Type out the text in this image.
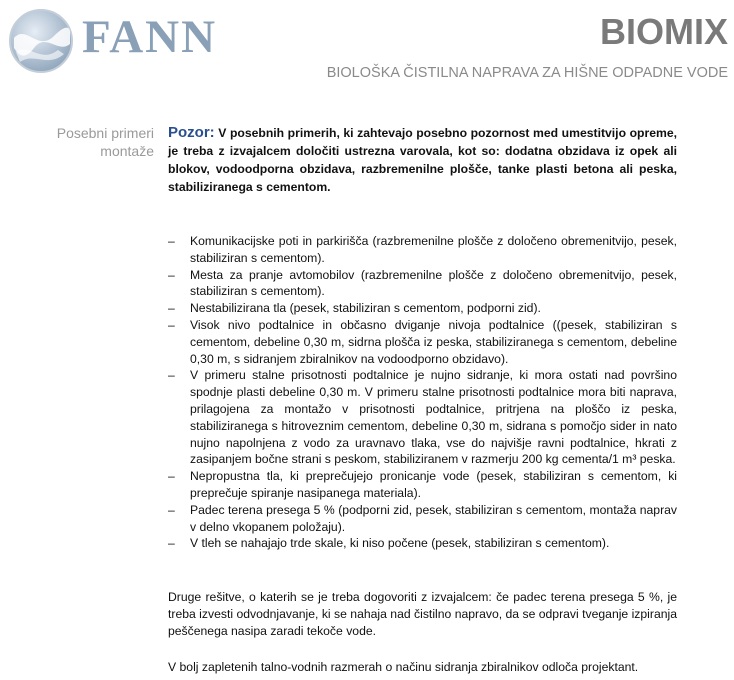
FANN	BIOMIX
BIOLOŠKA ČISTILNA NAPRAVA ZA HIŠNE ODPADNE VODE
Posebni primeri montaže
Pozor: V posebnih primerih, ki zahtevajo posebno pozornost med umestitvijo opreme, je treba z izvajalcem določiti ustrezna varovala, kot so: dodatna obzidava iz opek ali blokov, vodoodporna obzidava, razbremenilne plošče, tanke plasti betona ali peska, stabiliziranega s cementom.
– Komunikacijske poti in parkirišča (razbremenilne plošče z določeno obremenitvijo, pesek, stabiliziran s cementom).
– Mesta za pranje avtomobilov (razbremenilne plošče z določeno obremenitvijo, pesek, stabiliziran s cementom).
– Nestabilizirana tla (pesek, stabiliziran s cementom, podporni zid).
– Visok nivo podtalnice in občasno dviganje nivoja podtalnice ((pesek, stabiliziran s cementom, debeline 0,30 m, sidrna plošča iz peska, stabiliziranega s cementom, debeline 0,30 m, s sidranjem zbiralnikov na vodoodporno obzidavo).
– V primeru stalne prisotnosti podtalnice je nujno sidranje, ki mora ostati nad površino spodnje plasti debeline 0,30 m. V primeru stalne prisotnosti podtalnice mora biti naprava, prilagojena za montažo v prisotnosti podtalnice, pritrjena na ploščo iz peska, stabiliziranega s hitroveznim cementom, debeline 0,30 m, sidrana s pomočjo sider in nato nujno napolnjena z vodo za uravnavo tlaka, vse do najvišje ravni podtalnice, hkrati z zasipanjem bočne strani s peskom, stabiliziranem v razmerju 200 kg cementa/1 m³ peska.
– Nepropustna tla, ki preprečujejo pronicanje vode (pesek, stabiliziran s cementom, ki preprečuje spiranje nasipanega materiala).
– Padec terena presega 5 % (podporni zid, pesek, stabiliziran s cementom, montaža naprav v delno vkopanem položaju).
– V tleh se nahajajo trde skale, ki niso počene (pesek, stabiliziran s cementom).

Druge rešitve, o katerih se je treba dogovoriti z izvajalcem: če padec terena presega 5 %, je treba izvesti odvodnjavanje, ki se nahaja nad čistilno napravo, da se odpravi tveganje izpiranja peščenega nasipa zaradi tekoče vode.

V bolj zapletenih talno-vodnih razmerah o načinu sidranja zbiralnikov odloča projektant.
